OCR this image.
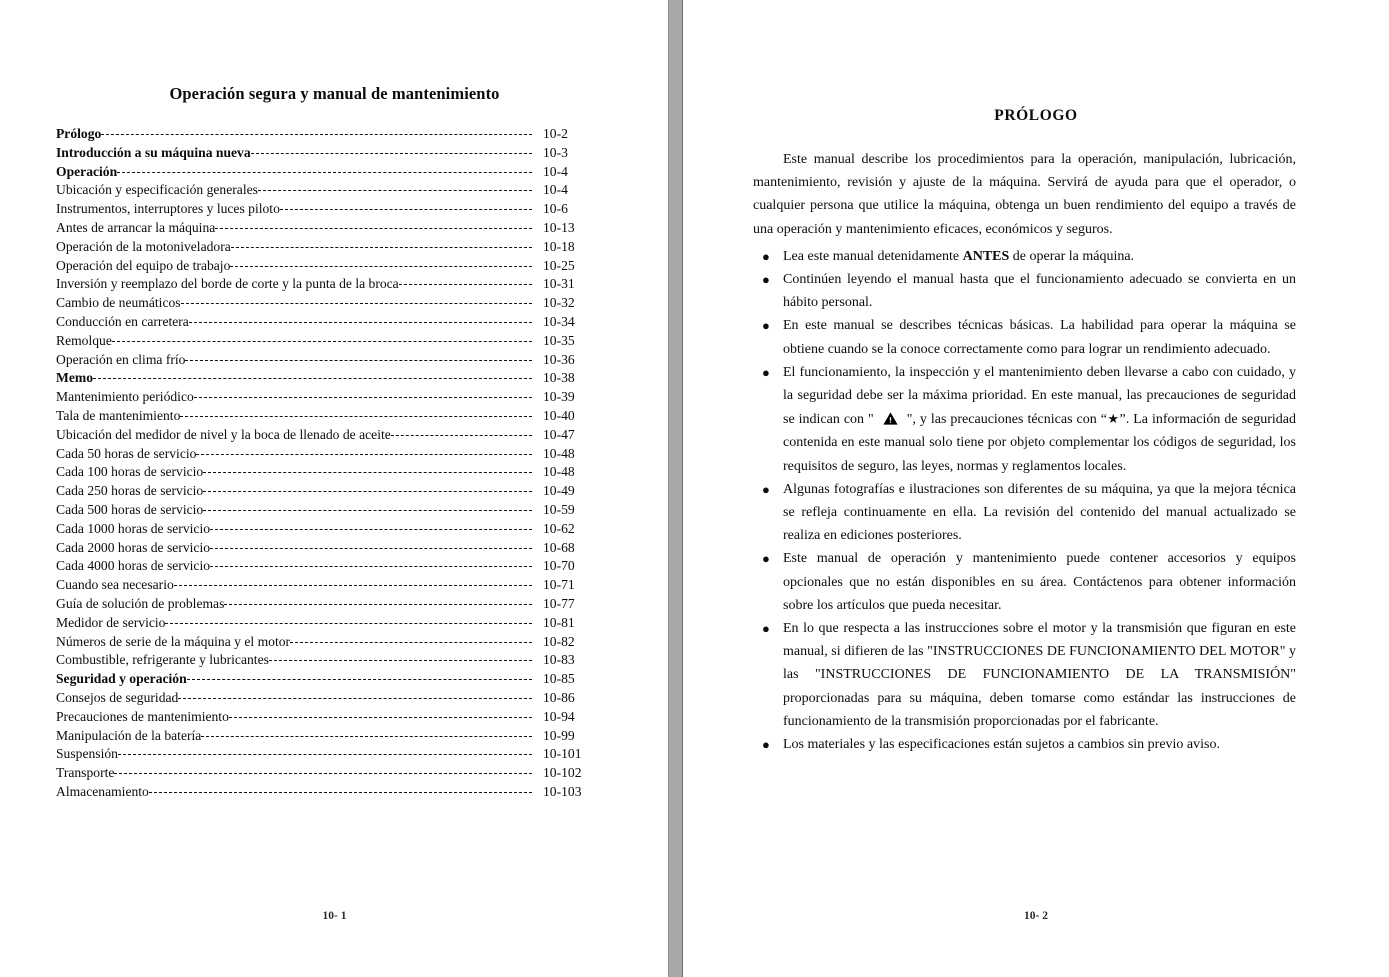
Operación segura y manual de mantenimiento
Prólogo	10-2
Introducción a su máquina nueva	10-3
Operación	10-4
Ubicación y especificación generales	10-4
Instrumentos, interruptores y luces piloto	10-6
Antes de arrancar la máquina	10-13
Operación de la motoniveladora	10-18
Operación del equipo de trabajo	10-25
Inversión y reemplazo del borde de corte y la punta de la broca	10-31
Cambio de neumáticos	10-32
Conducción en carretera	10-34
Remolque	10-35
Operación en clima frío	10-36
Memo	10-38
Mantenimiento periódico	10-39
Tala de mantenimiento	10-40
Ubicación del medidor de nivel y la boca de llenado de aceite	10-47
Cada 50 horas de servicio	10-48
Cada 100 horas de servicio	10-48
Cada 250 horas de servicio	10-49
Cada 500 horas de servicio	10-59
Cada 1000 horas de servicio	10-62
Cada 2000 horas de servicio	10-68
Cada 4000 horas de servicio	10-70
Cuando sea necesario	10-71
Guía de solución de problemas	10-77
Medidor de servicio	10-81
Números de serie de la máquina y el motor	10-82
Combustible, refrigerante y lubricantes	10-83
Seguridad y operación	10-85
Consejos de seguridad	10-86
Precauciones de mantenimiento	10-94
Manipulación de la batería	10-99
Suspensión	10-101
Transporte	10-102
Almacenamiento	10-103
10- 1
PRÓLOGO

Este manual describe los procedimientos para la operación, manipulación, lubricación, mantenimiento, revisión y ajuste de la máquina. Servirá de ayuda para que el operador, o cualquier persona que utilice la máquina, obtenga un buen rendimiento del equipo a través de una operación y mantenimiento eficaces, económicos y seguros.

● Lea este manual detenidamente ANTES de operar la máquina.
● Continúen leyendo el manual hasta que el funcionamiento adecuado se convierta en un hábito personal.
● En este manual se describes técnicas básicas. La habilidad para operar la máquina se obtiene cuando se la conoce correctamente como para lograr un rendimiento adecuado.
● El funcionamiento, la inspección y el mantenimiento deben llevarse a cabo con cuidado, y la seguridad debe ser la máxima prioridad. En este manual, las precauciones de seguridad se indican con "  ", y las precauciones técnicas con “★”. La información de seguridad contenida en este manual solo tiene por objeto complementar los códigos de seguridad, los requisitos de seguro, las leyes, normas y reglamentos locales.
● Algunas fotografías e ilustraciones son diferentes de su máquina, ya que la mejora técnica se refleja continuamente en ella. La revisión del contenido del manual actualizado se realiza en ediciones posteriores.
● Este manual de operación y mantenimiento puede contener accesorios y equipos opcionales que no están disponibles en su área. Contáctenos para obtener información sobre los artículos que pueda necesitar.
● En lo que respecta a las instrucciones sobre el motor y la transmisión que figuran en este manual, si difieren de las "INSTRUCCIONES DE FUNCIONAMIENTO DEL MOTOR" y las "INSTRUCCIONES DE FUNCIONAMIENTO DE LA TRANSMISIÓN" proporcionadas para su máquina, deben tomarse como estándar las instrucciones de funcionamiento de la transmisión proporcionadas por el fabricante.
● Los materiales y las especificaciones están sujetos a cambios sin previo aviso.
10- 2
